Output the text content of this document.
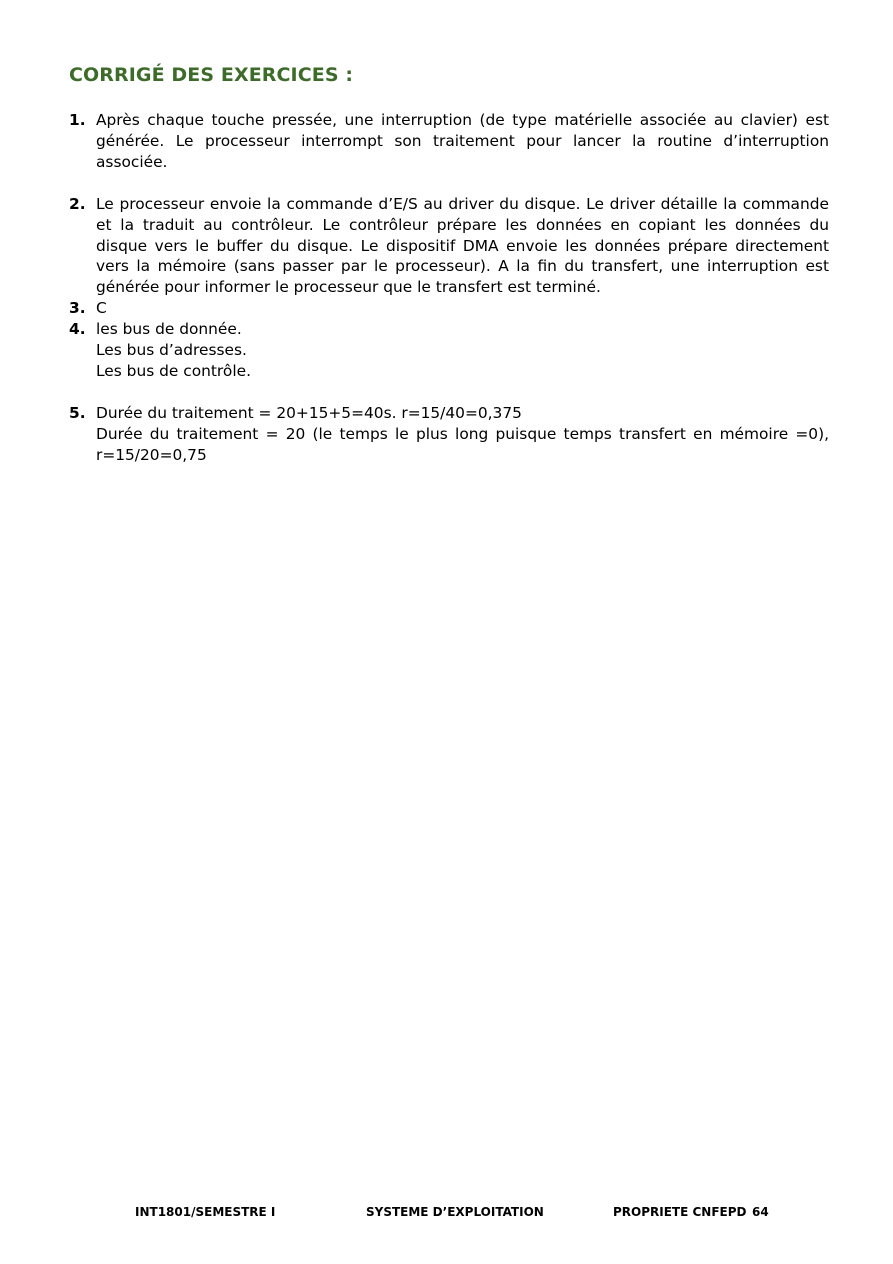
CORRIGÉ DES EXERCICES :
1. Après chaque touche pressée, une interruption (de type matérielle associée au clavier) est générée. Le processeur interrompt son traitement pour lancer la routine d’interruption associée.
2. Le processeur envoie la commande d’E/S au driver du disque. Le driver détaille la commande et la traduit au contrôleur. Le contrôleur prépare les données en copiant les données du disque vers le buffer du disque. Le dispositif DMA envoie les données prépare directement vers la mémoire (sans passer par le processeur). A la fin du transfert, une interruption est générée pour informer le processeur que le transfert est terminé.
3. C
4. les bus de donnée.
Les bus d’adresses.
Les bus de contrôle.
5. Durée du traitement = 20+15+5=40s. r=15/40=0,375
Durée du traitement = 20 (le temps le plus long puisque temps transfert en mémoire =0), r=15/20=0,75
INT1801/SEMESTRE I	SYSTEME D’EXPLOITATION	PROPRIETE CNFEPD 64
